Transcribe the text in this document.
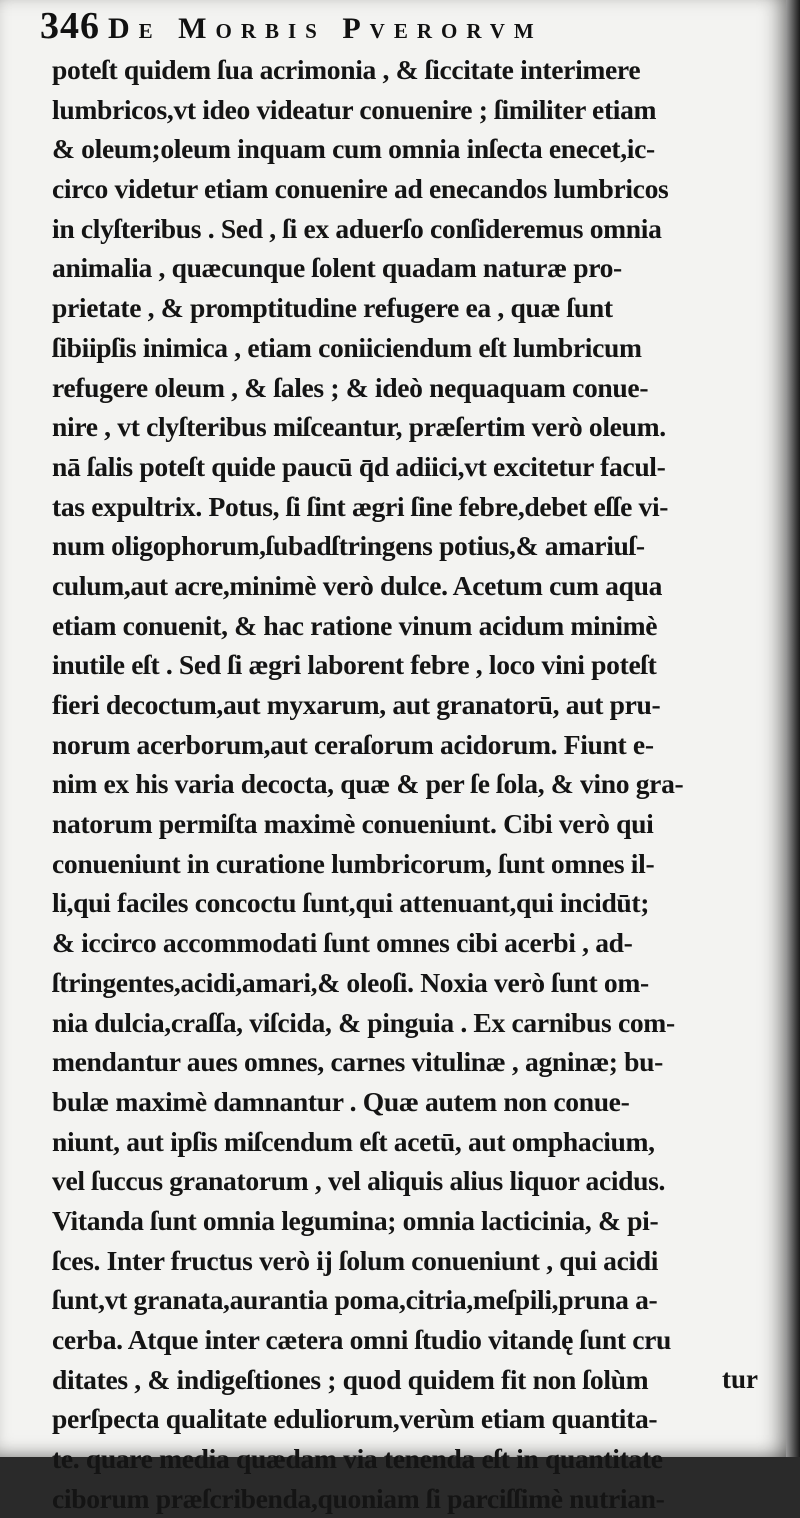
346 De Morbis Pverorvm
poteſt quidem ſua acrimonia , & ſiccitate interimere
lumbricos,vt ideo videatur conuenire ; ſimiliter etiam
& oleum;oleum inquam cum omnia inſecta enecet,ic-
circo videtur etiam conuenire ad enecandos lumbricos
in clyſteribus . Sed , ſi ex aduerſo conſideremus omnia
animalia , quæcunque ſolent quadam naturæ pro-
prietate , & promptitudine refugere ea , quæ ſunt
ſibiipſis inimica , etiam coniiciendum eſt lumbricum
refugere oleum , & ſales ; & ideò nequaquam conue-
nire , vt clyſteribus miſceantur, præſertim verò oleum.
nā ſalis poteſt quide paucū q̄d adiici,vt excitetur facul-
tas expultrix. Potus, ſi ſint ægri ſine febre,debet eſſe vi-
num oligophorum,ſubadſtringens potius,& amariuſ-
culum,aut acre,minimè verò dulce. Acetum cum aqua
etiam conuenit, & hac ratione vinum acidum minimè
inutile eſt . Sed ſi ægri laborent febre , loco vini poteſt
fieri decoctum,aut myxarum, aut granatorū, aut pru-
norum acerborum,aut ceraſorum acidorum. Fiunt e-
nim ex his varia decocta, quæ & per ſe ſola, & vino gra-
natorum permiſta maximè conueniunt. Cibi verò qui
conueniunt in curatione lumbricorum, ſunt omnes il-
li,qui faciles concoctu ſunt,qui attenuant,qui incidūt;
& iccirco accommodati ſunt omnes cibi acerbi , ad-
ſtringentes,acidi,amari,& oleoſi. Noxia verò ſunt om-
nia dulcia,craſſa, viſcida, & pinguia . Ex carnibus com-
mendantur aues omnes, carnes vitulinæ , agninæ; bu-
bulæ maximè damnantur . Quæ autem non conue-
niunt, aut ipſis miſcendum eſt acetū, aut omphacium,
vel ſuccus granatorum , vel aliquis alius liquor acidus.
Vitanda ſunt omnia legumina; omnia lacticinia, & pi-
ſces. Inter fructus verò ij ſolum conueniunt , qui acidi
ſunt,vt granata,aurantia poma,citria,meſpili,pruna a-
cerba. Atque inter cætera omni ſtudio vitandę ſunt cru
ditates , & indigeſtiones ; quod quidem fit non ſolùm
perſpecta qualitate eduliorum,verùm etiam quantita-
te. quare media quædam via tenenda eſt in quantitate
ciborum præſcribenda,quoniam ſi parciſſimè nutrian-
tur
